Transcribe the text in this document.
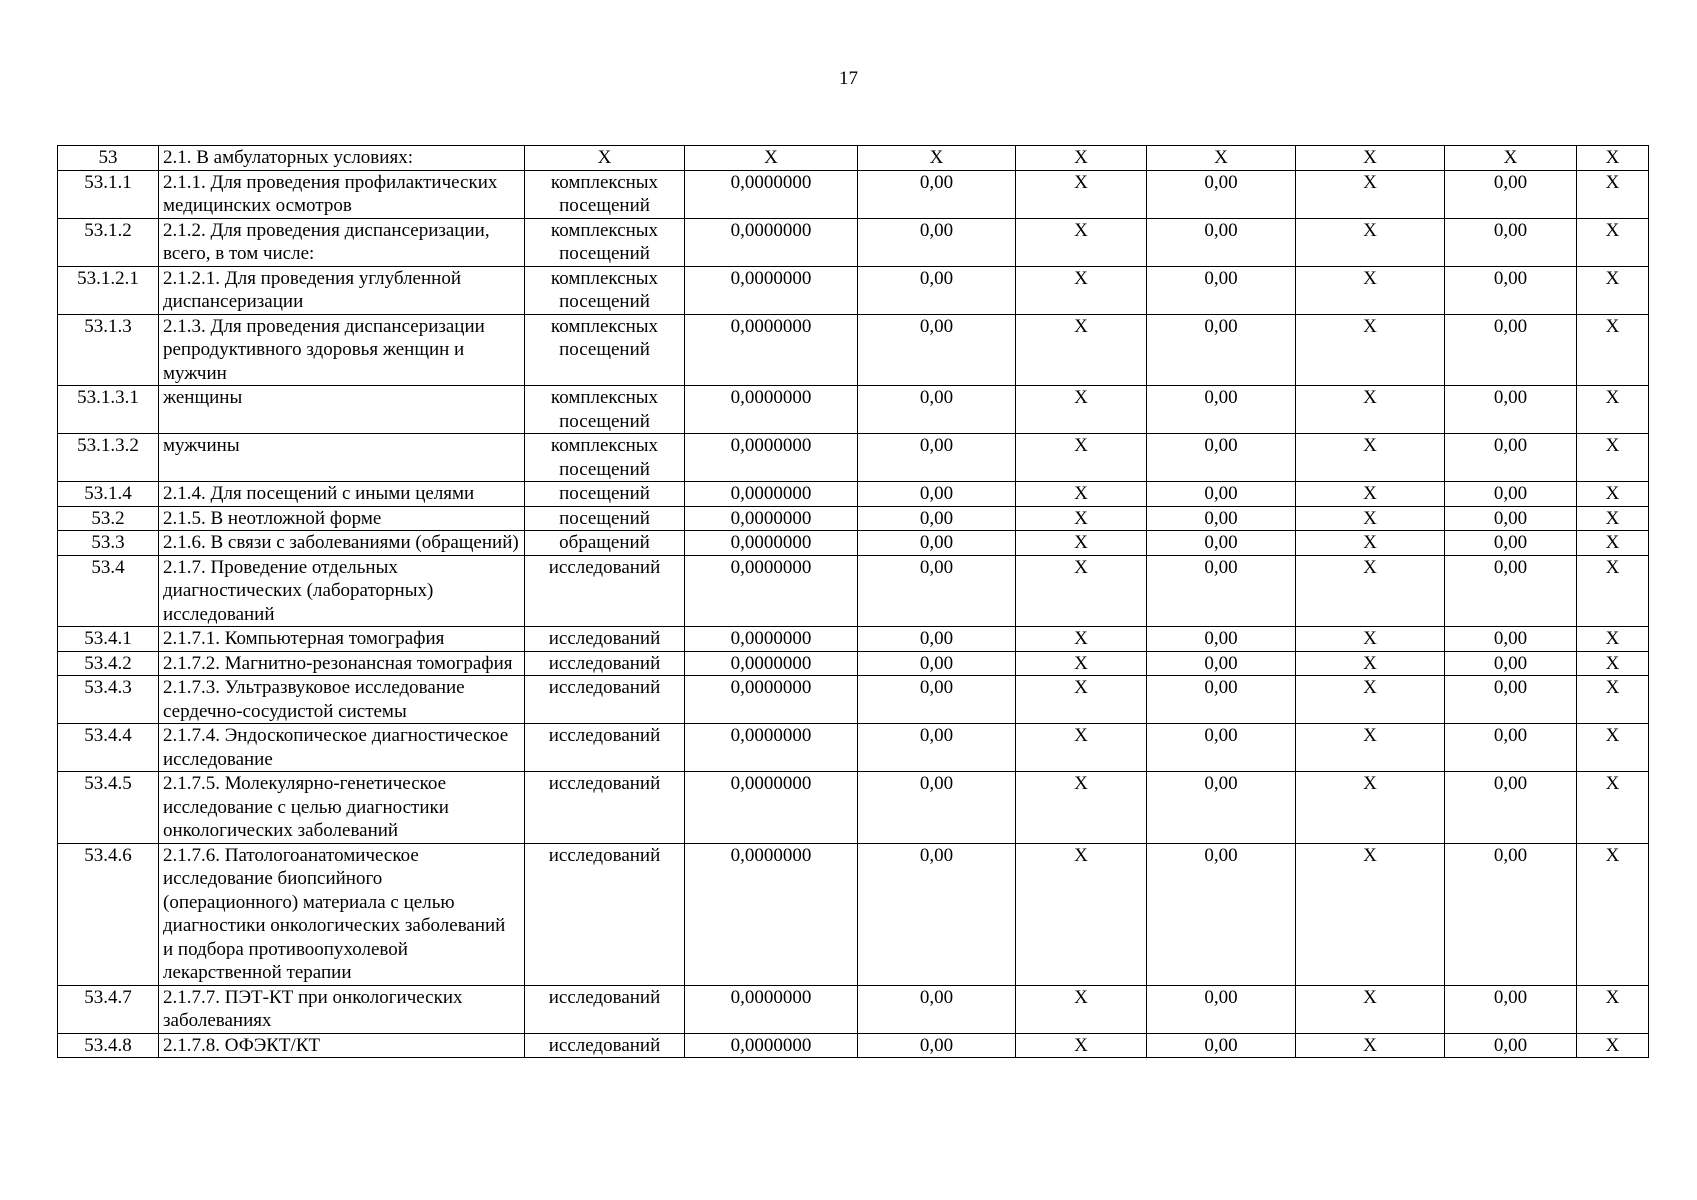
17
53	2.1. В амбулаторных условиях:	X	X	X	X	X	X	X	X
53.1.1	2.1.1. Для проведения профилактических медицинских осмотров	комплексных посещений	0,0000000	0,00	X	0,00	X	0,00	X
53.1.2	2.1.2. Для проведения диспансеризации, всего, в том числе:	комплексных посещений	0,0000000	0,00	X	0,00	X	0,00	X
53.1.2.1	2.1.2.1. Для проведения углубленной диспансеризации	комплексных посещений	0,0000000	0,00	X	0,00	X	0,00	X
53.1.3	2.1.3. Для проведения диспансеризации репродуктивного здоровья женщин и мужчин	комплексных посещений	0,0000000	0,00	X	0,00	X	0,00	X
53.1.3.1	женщины	комплексных посещений	0,0000000	0,00	X	0,00	X	0,00	X
53.1.3.2	мужчины	комплексных посещений	0,0000000	0,00	X	0,00	X	0,00	X
53.1.4	2.1.4. Для посещений с иными целями	посещений	0,0000000	0,00	X	0,00	X	0,00	X
53.2	2.1.5. В неотложной форме	посещений	0,0000000	0,00	X	0,00	X	0,00	X
53.3	2.1.6. В связи с заболеваниями (обращений)	обращений	0,0000000	0,00	X	0,00	X	0,00	X
53.4	2.1.7. Проведение отдельных диагностических (лабораторных) исследований	исследований	0,0000000	0,00	X	0,00	X	0,00	X
53.4.1	2.1.7.1. Компьютерная томография	исследований	0,0000000	0,00	X	0,00	X	0,00	X
53.4.2	2.1.7.2. Магнитно-резонансная томография	исследований	0,0000000	0,00	X	0,00	X	0,00	X
53.4.3	2.1.7.3. Ультразвуковое исследование сердечно-сосудистой системы	исследований	0,0000000	0,00	X	0,00	X	0,00	X
53.4.4	2.1.7.4. Эндоскопическое диагностическое исследование	исследований	0,0000000	0,00	X	0,00	X	0,00	X
53.4.5	2.1.7.5. Молекулярно-генетическое исследование с целью диагностики онкологических заболеваний	исследований	0,0000000	0,00	X	0,00	X	0,00	X
53.4.6	2.1.7.6. Патологоанатомическое исследование биопсийного (операционного) материала с целью диагностики онкологических заболеваний и подбора противоопухолевой лекарственной терапии	исследований	0,0000000	0,00	X	0,00	X	0,00	X
53.4.7	2.1.7.7. ПЭТ-КТ при онкологических заболеваниях	исследований	0,0000000	0,00	X	0,00	X	0,00	X
53.4.8	2.1.7.8. ОФЭКТ/КТ	исследований	0,0000000	0,00	X	0,00	X	0,00	X
